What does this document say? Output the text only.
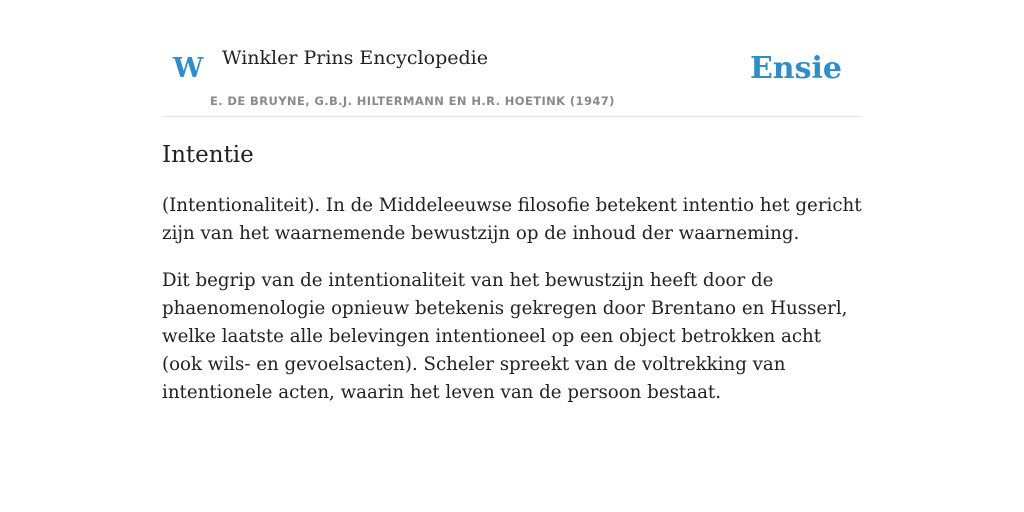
W Winkler Prins Encyclopedie
E. DE BRUYNE, G.B.J. HILTERMANN EN H.R. HOETINK (1947)
Ensie
Intentie

(Intentionaliteit). In de Middeleeuwse filosofie betekent intentio het gericht zijn van het waarnemende bewustzijn op de inhoud der waarneming.

Dit begrip van de intentionaliteit van het bewustzijn heeft door de phaenomenologie opnieuw betekenis gekregen door Brentano en Husserl, welke laatste alle belevingen intentioneel op een object betrokken acht (ook wils- en gevoelsacten). Scheler spreekt van de voltrekking van intentionele acten, waarin het leven van de persoon bestaat.
